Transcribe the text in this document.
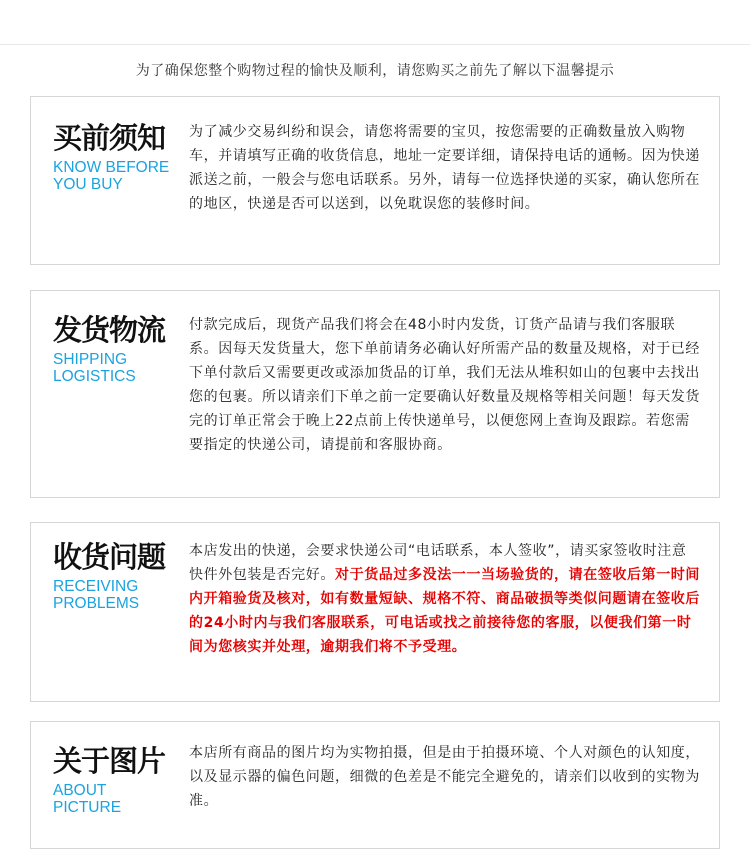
为了确保您整个购物过程的愉快及顺利，请您购买之前先了解以下温馨提示
买前须知
KNOW BEFORE
YOU BUY
为了减少交易纠纷和误会，请您将需要的宝贝，按您需要的正确数量放入购物车，并请填写正确的收货信息，地址一定要详细，请保持电话的通畅。因为快递派送之前，一般会与您电话联系。另外，请每一位选择快递的买家，确认您所在的地区，快递是否可以送到，以免耽误您的装修时间。
发货物流
SHIPPING
LOGISTICS
付款完成后，现货产品我们将会在48小时内发货，订货产品请与我们客服联系。因每天发货量大，您下单前请务必确认好所需产品的数量及规格，对于已经下单付款后又需要更改或添加货品的订单，我们无法从堆积如山的包裹中去找出您的包裹。所以请亲们下单之前一定要确认好数量及规格等相关问题！每天发货完的订单正常会于晚上22点前上传快递单号，以便您网上查询及跟踪。若您需要指定的快递公司，请提前和客服协商。
收货问题
RECEIVING
PROBLEMS
本店发出的快递，会要求快递公司“电话联系，本人签收”，请买家签收时注意快件外包装是否完好。对于货品过多没法一一当场验货的，请在签收后第一时间内开箱验货及核对，如有数量短缺、规格不符、商品破损等类似问题请在签收后的24小时内与我们客服联系，可电话或找之前接待您的客服，以便我们第一时间为您核实并处理，逾期我们将不予受理。
关于图片
ABOUT
PICTURE
本店所有商品的图片均为实物拍摄，但是由于拍摄环境、个人对颜色的认知度，以及显示器的偏色问题，细微的色差是不能完全避免的，请亲们以收到的实物为准。
